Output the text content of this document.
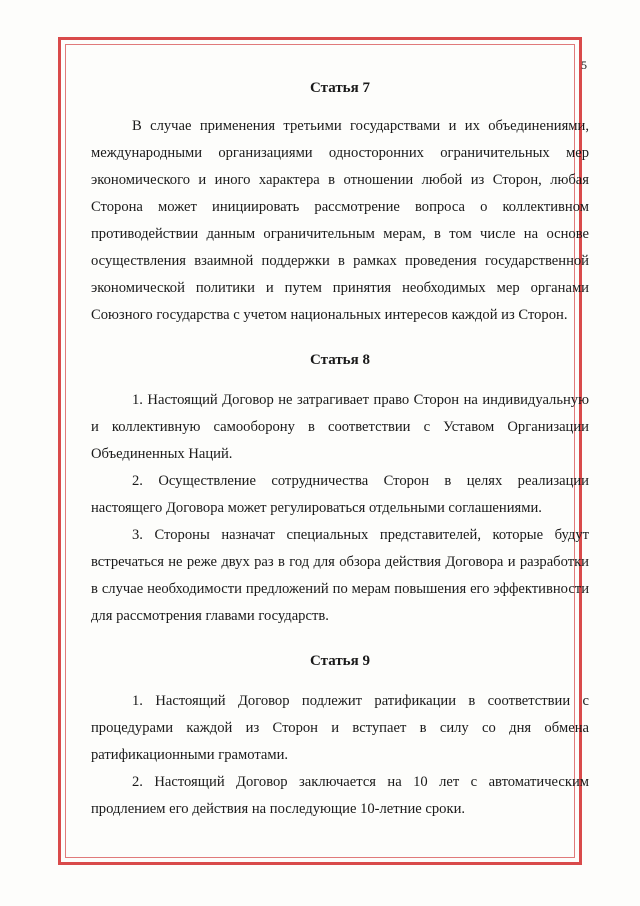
5
Статья 7

В случае применения третьими государствами и их объединениями, международными организациями односторонних ограничительных мер экономического и иного характера в отношении любой из Сторон, любая Сторона может инициировать рассмотрение вопроса о коллективном противодействии данным ограничительным мерам, в том числе на основе осуществления взаимной поддержки в рамках проведения государственной экономической политики и путем принятия необходимых мер органами Союзного государства с учетом национальных интересов каждой из Сторон.

Статья 8

1. Настоящий Договор не затрагивает право Сторон на индивидуальную и коллективную самооборону в соответствии с Уставом Организации Объединенных Наций.

2. Осуществление сотрудничества Сторон в целях реализации настоящего Договора может регулироваться отдельными соглашениями.

3. Стороны назначат специальных представителей, которые будут встречаться не реже двух раз в год для обзора действия Договора и разработки в случае необходимости предложений по мерам повышения его эффективности для рассмотрения главами государств.

Статья 9

1. Настоящий Договор подлежит ратификации в соответствии с процедурами каждой из Сторон и вступает в силу со дня обмена ратификационными грамотами.

2. Настоящий Договор заключается на 10 лет с автоматическим продлением его действия на последующие 10-летние сроки.
